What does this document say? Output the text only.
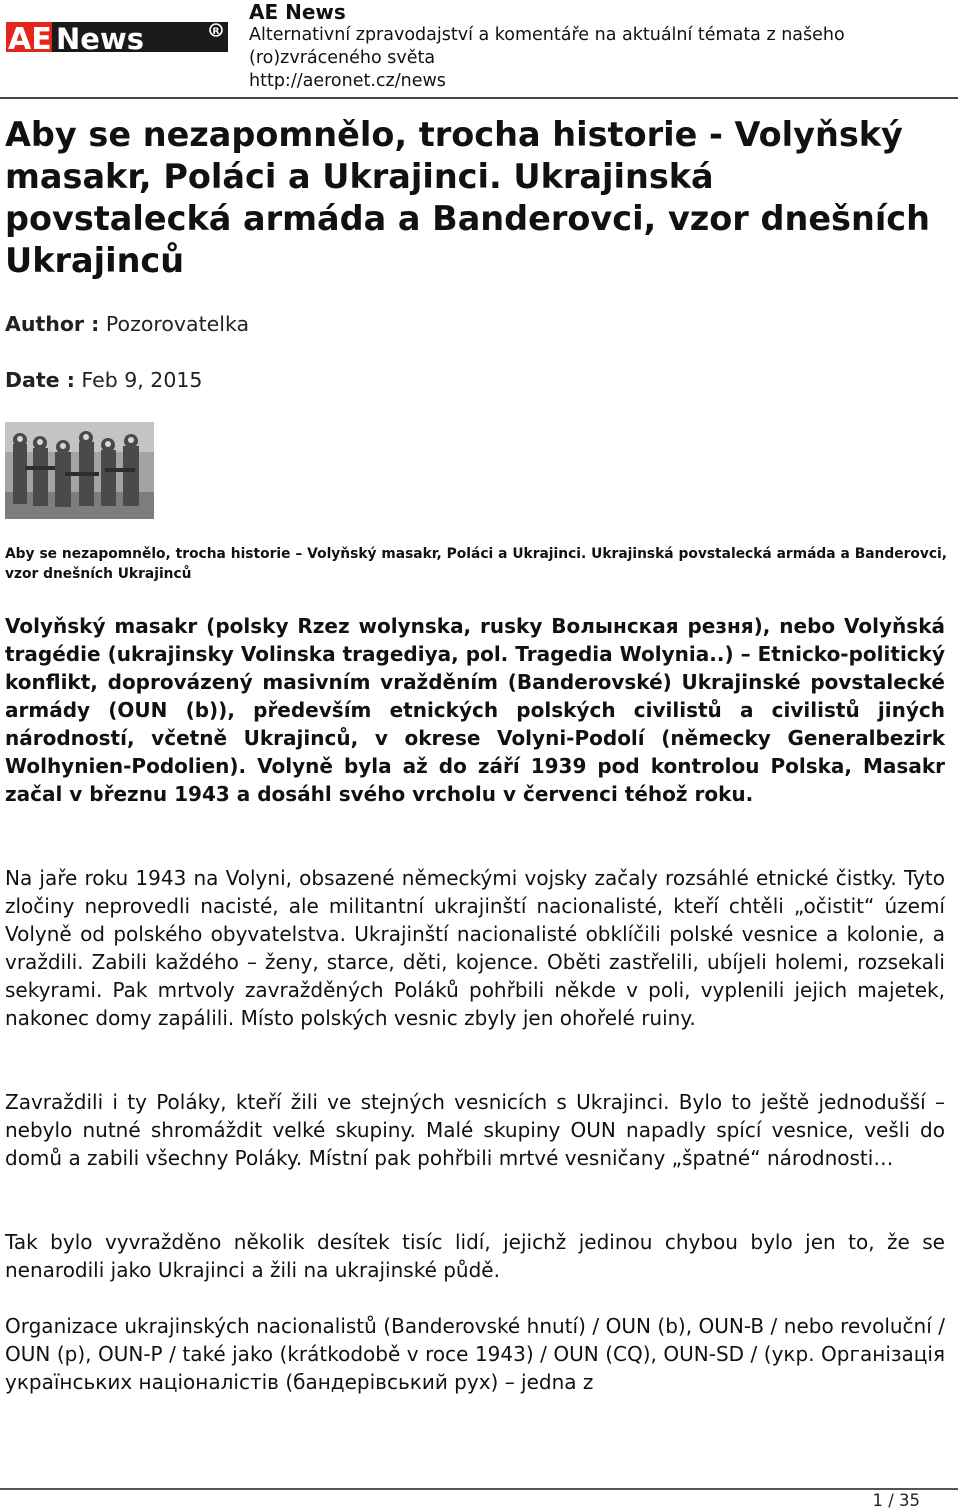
AE News	R
AE News
Alternativní zpravodajství a komentáře na aktuální témata z našeho (ro)zvráceného světa
http://aeronet.cz/news
Aby se nezapomnělo, trocha historie - Volyňský masakr, Poláci a Ukrajinci. Ukrajinská povstalecká armáda a Banderovci, vzor dnešních Ukrajinců
Author : Pozorovatelka
Date : Feb 9, 2015

Aby se nezapomnělo, trocha historie – Volyňský masakr, Poláci a Ukrajinci. Ukrajinská povstalecká armáda a Banderovci, vzor dnešních Ukrajinců

Volyňský masakr (polsky Rzez wolynska, rusky Волынская резня), nebo Volyňská tragédie (ukrajinsky Volinska tragediya, pol. Tragedia Wolynia..) – Etnicko-politický konflikt, doprovázený masivním vražděním (Banderovské) Ukrajinské povstalecké armády (OUN (b)), především etnických polských civilistů a civilistů jiných národností, včetně Ukrajinců, v okrese Volyni-Podolí (německy Generalbezirk Wolhynien-Podolien). Volyně byla až do září 1939 pod kontrolou Polska, Masakr začal v březnu 1943 a dosáhl svého vrcholu v červenci téhož roku.

Na jaře roku 1943 na Volyni, obsazené německými vojsky začaly rozsáhlé etnické čistky. Tyto zločiny neprovedli nacisté, ale militantní ukrajinští nacionalisté, kteří chtěli „očistit“ území Volyně od polského obyvatelstva. Ukrajinští nacionalisté obklíčili polské vesnice a kolonie, a vraždili. Zabili každého – ženy, starce, děti, kojence. Oběti zastřelili, ubíjeli holemi, rozsekali sekyrami. Pak mrtvoly zavražděných Poláků pohřbili někde v poli, vyplenili jejich majetek, nakonec domy zapálili. Místo polských vesnic zbyly jen ohořelé ruiny.

Zavraždili i ty Poláky, kteří žili ve stejných vesnicích s Ukrajinci. Bylo to ještě jednodušší – nebylo nutné shromáždit velké skupiny. Malé skupiny OUN napadly spící vesnice, vešli do domů a zabili všechny Poláky. Místní pak pohřbili mrtvé vesničany „špatné“ národnosti…

Tak bylo vyvražděno několik desítek tisíc lidí, jejichž jedinou chybou bylo jen to, že se nenarodili jako Ukrajinci a žili na ukrajinské půdě.

Organizace ukrajinských nacionalistů (Banderovské hnutí) / OUN (b), OUN-B / nebo revoluční / OUN (p), OUN-P / také jako (krátkodobě v roce 1943) / OUN (CQ), OUN-SD / (укр. Організація українських націоналістів (бандерівський рух) – jedna z

1 / 35
